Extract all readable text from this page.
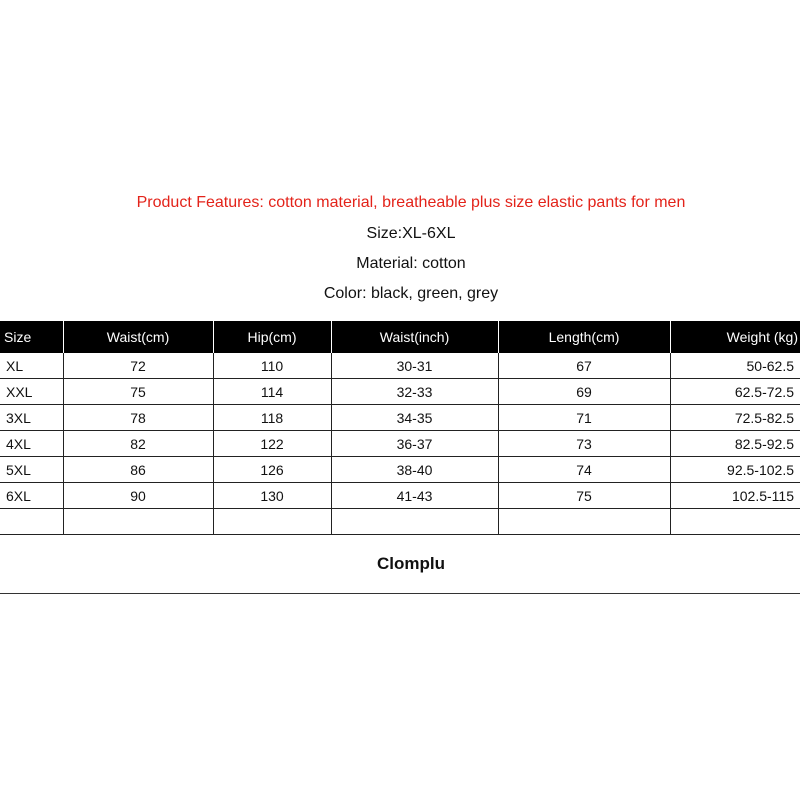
Product Features: cotton material, breatheable plus size elastic pants for men
Size:XL-6XL
Material: cotton
Color: black, green, grey
Size	Waist(cm)	Hip(cm)	Waist(inch)	Length(cm)	Weight (kg)
XL	72	110	30-31	67	50-62.5
XXL	75	114	32-33	69	62.5-72.5
3XL	78	118	34-35	71	72.5-82.5
4XL	82	122	36-37	73	82.5-92.5
5XL	86	126	38-40	74	92.5-102.5
6XL	90	130	41-43	75	102.5-115

Clomplu
